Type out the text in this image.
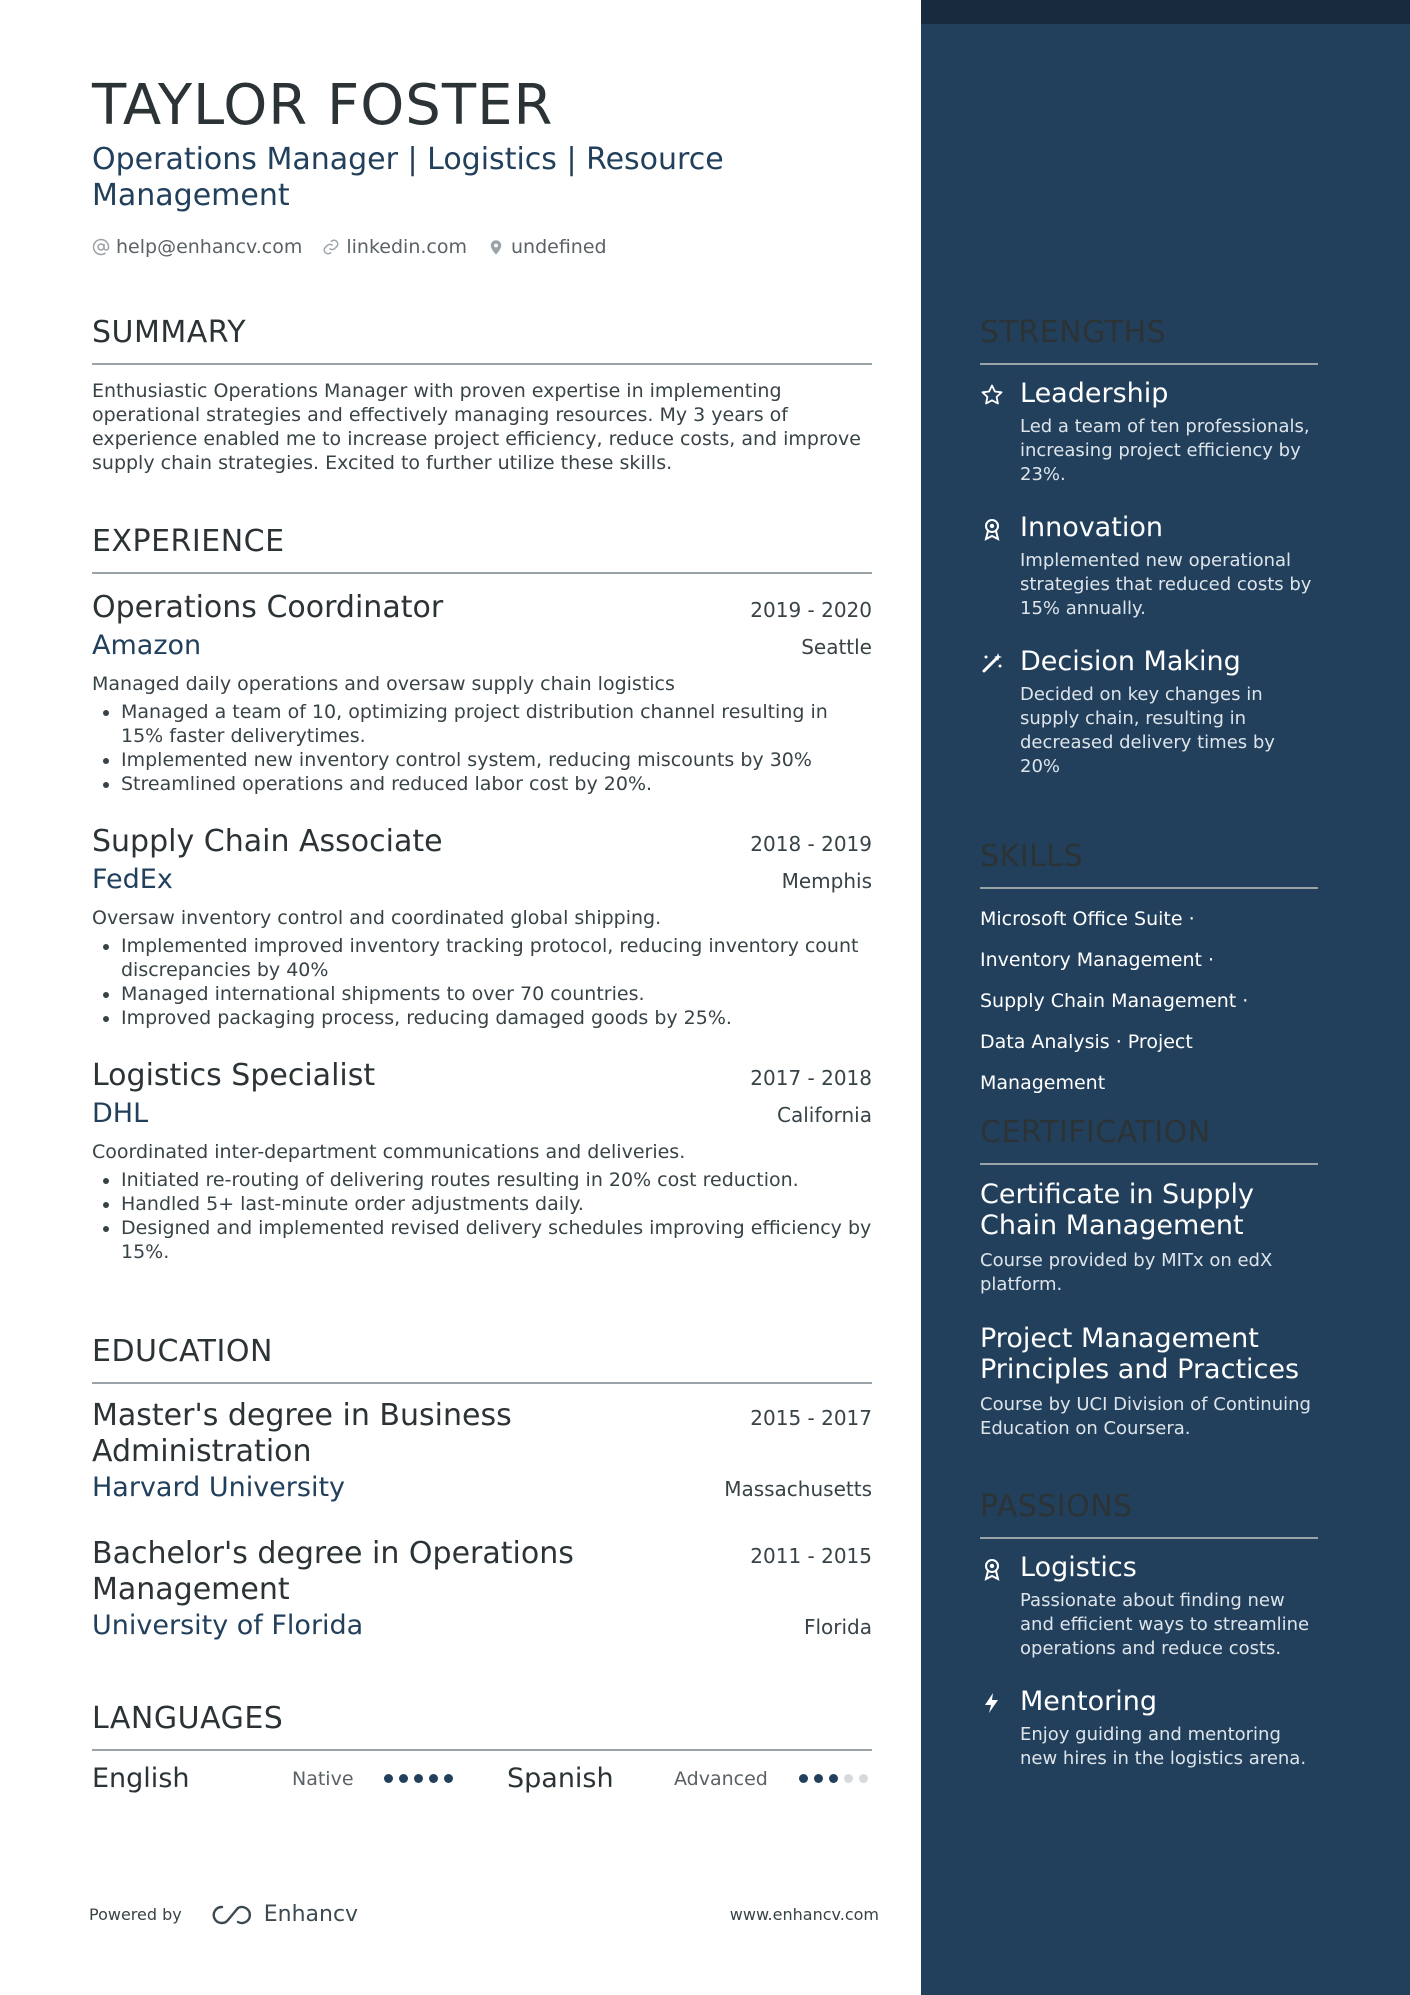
TAYLOR FOSTER
Operations Manager | Logistics | Resource Management
help@enhancv.com linkedin.com undefined
SUMMARY
Enthusiastic Operations Manager with proven expertise in implementing operational strategies and effectively managing resources. My 3 years of experience enabled me to increase project efficiency, reduce costs, and improve supply chain strategies. Excited to further utilize these skills.
EXPERIENCE
Operations Coordinator	2019 - 2020
Amazon	Seattle
Managed daily operations and oversaw supply chain logistics
• Managed a team of 10, optimizing project distribution channel resulting in 15% faster deliverytimes.
• Implemented new inventory control system, reducing miscounts by 30%
• Streamlined operations and reduced labor cost by 20%.
Supply Chain Associate	2018 - 2019
FedEx	Memphis
Oversaw inventory control and coordinated global shipping.
• Implemented improved inventory tracking protocol, reducing inventory count discrepancies by 40%
• Managed international shipments to over 70 countries.
• Improved packaging process, reducing damaged goods by 25%.
Logistics Specialist	2017 - 2018
DHL	California
Coordinated inter-department communications and deliveries.
• Initiated re-routing of delivering routes resulting in 20% cost reduction.
• Handled 5+ last-minute order adjustments daily.
• Designed and implemented revised delivery schedules improving efficiency by 15%.
EDUCATION
Master's degree in Business Administration
2015 - 2017
Harvard University	Massachusetts
Bachelor's degree in Operations Management
2011 - 2015
University of Florida	Florida
LANGUAGES
English	Native	Spanish	Advanced
Powered by	Enhancv	www.enhancv.com
STRENGTHS
Leadership
Led a team of ten professionals, increasing project efficiency by 23%.
Innovation
Implemented new operational strategies that reduced costs by 15% annually.
Decision Making
Decided on key changes in supply chain, resulting in decreased delivery times by 20%
SKILLS
Microsoft Office Suite ·
Inventory Management ·
Supply Chain Management ·
Data Analysis · Project Management
CERTIFICATION
Certificate in Supply Chain Management
Course provided by MITx on edX platform.
Project Management Principles and Practices
Course by UCI Division of Continuing Education on Coursera.
PASSIONS
Logistics
Passionate about finding new and efficient ways to streamline operations and reduce costs.
Mentoring
Enjoy guiding and mentoring new hires in the logistics arena.
